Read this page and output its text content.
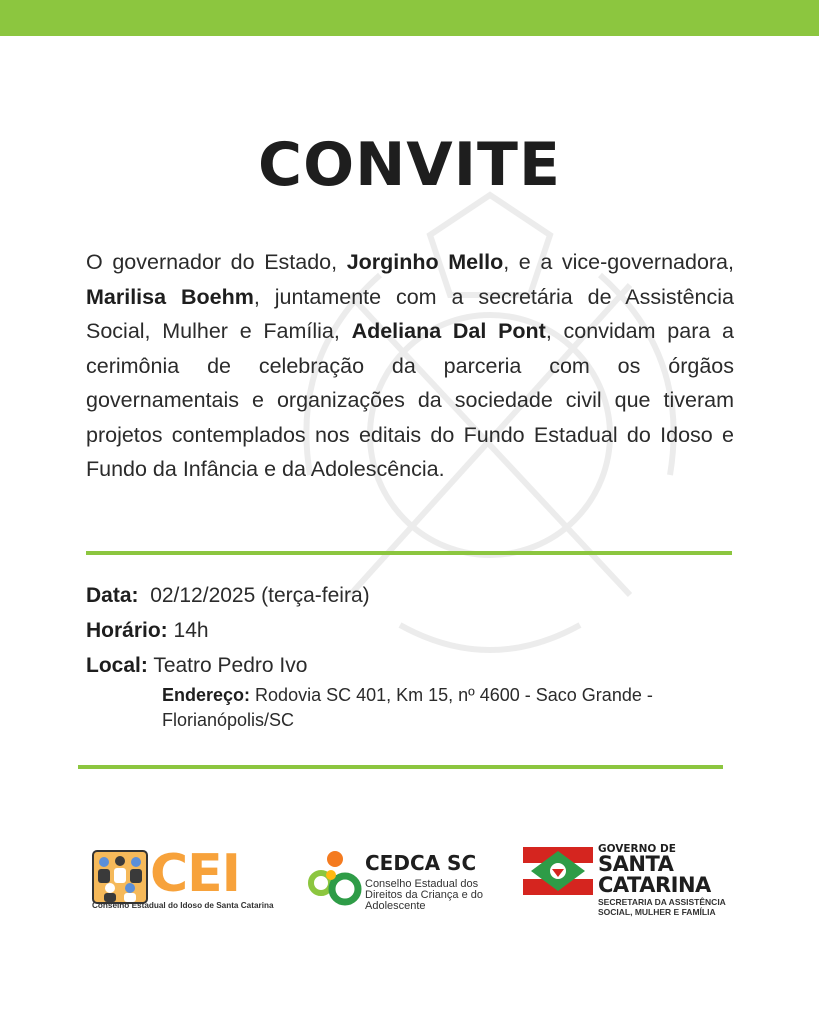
CONVITE

O governador do Estado, Jorginho Mello, e a vice-governadora, Marilisa Boehm, juntamente com a secretária de Assistência Social, Mulher e Família, Adeliana Dal Pont, convidam para a cerimônia de celebração da parceria com os órgãos governamentais e organizações da sociedade civil que tiveram projetos contemplados nos editais do Fundo Estadual do Idoso e Fundo da Infância e da Adolescência.

Data: 02/12/2025 (terça-feira)
Horário: 14h
Local: Teatro Pedro Ivo
Endereço: Rodovia SC 401, Km 15, nº 4600 - Saco Grande - Florianópolis/SC
CEI
Conselho Estadual do Idoso de Santa Catarina
CEDCA SC
Conselho Estadual dos Direitos da Criança e do Adolescente
GOVERNO DE
SANTA
CATARINA
SECRETARIA DA ASSISTÊNCIA
SOCIAL, MULHER E FAMÍLIA
